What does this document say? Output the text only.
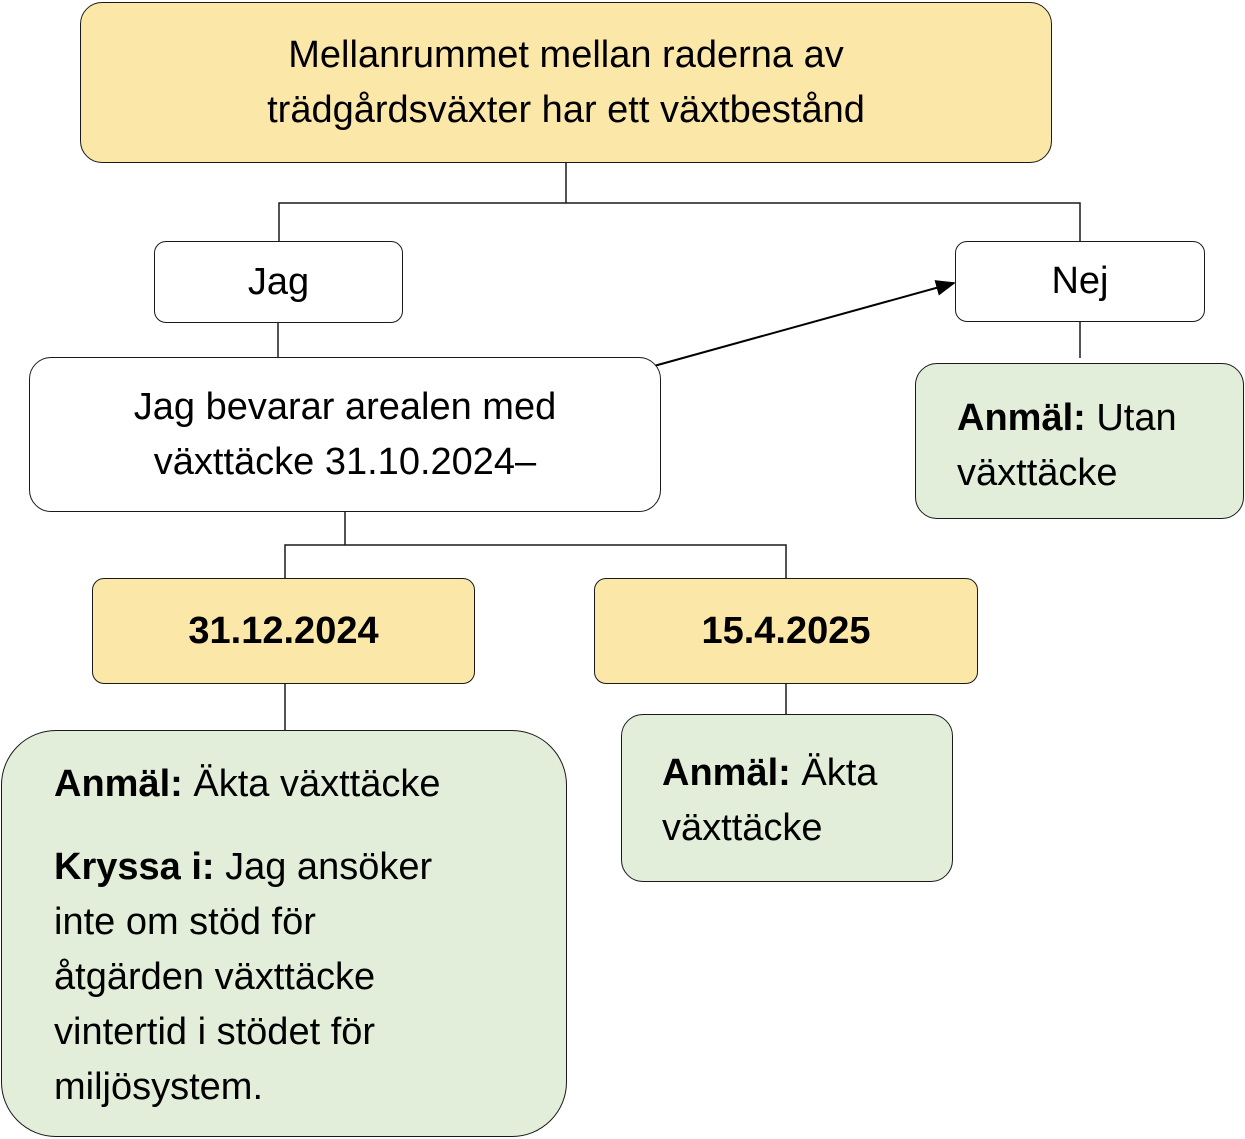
Mellanrummet mellan raderna av
trädgårdsväxter har ett växtbestånd
Jag	Nej
Jag bevarar arealen med
växttäcke 31.10.2024–
Anmäl: Utan
växttäcke
31.12.2024	15.4.2025
Anmäl: Äkta växttäcke
Kryssa i: Jag ansöker
inte om stöd för
åtgärden växttäcke
vintertid i stödet för
miljösystem.
Anmäl: Äkta
växttäcke
